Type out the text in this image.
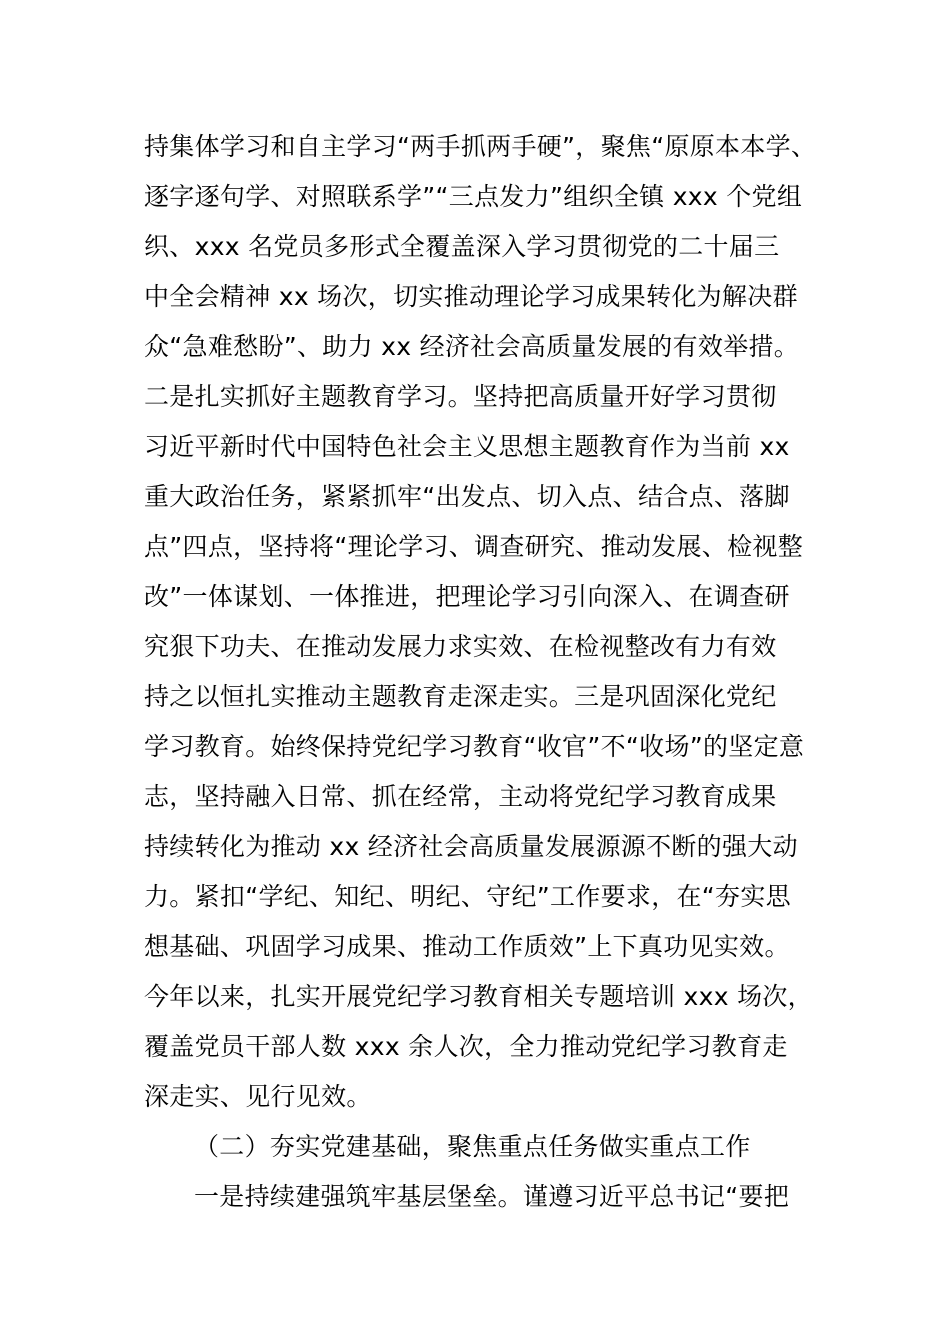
持集体学习和自主学习“两手抓两手硬”，聚焦“原原本本学、
逐字逐句学、对照联系学”“三点发力”组织全镇 xxx 个党组
织、xxx 名党员多形式全覆盖深入学习贯彻党的二十届三
中全会精神 xx 场次，切实推动理论学习成果转化为解决群
众“急难愁盼”、助力 xx 经济社会高质量发展的有效举措。
二是扎实抓好主题教育学习。坚持把高质量开好学习贯彻
习近平新时代中国特色社会主义思想主题教育作为当前 xx
重大政治任务，紧紧抓牢“出发点、切入点、结合点、落脚
点”四点，坚持将“理论学习、调查研究、推动发展、检视整
改”一体谋划、一体推进，把理论学习引向深入、在调查研
究狠下功夫、在推动发展力求实效、在检视整改有力有效
持之以恒扎实推动主题教育走深走实。三是巩固深化党纪
学习教育。始终保持党纪学习教育“收官”不“收场”的坚定意
志，坚持融入日常、抓在经常，主动将党纪学习教育成果
持续转化为推动 xx 经济社会高质量发展源源不断的强大动
力。紧扣“学纪、知纪、明纪、守纪”工作要求，在“夯实思
想基础、巩固学习成果、推动工作质效”上下真功见实效。
今年以来，扎实开展党纪学习教育相关专题培训 xxx 场次，
覆盖党员干部人数 xxx 余人次，全力推动党纪学习教育走
深走实、见行见效。
（二）夯实党建基础，聚焦重点任务做实重点工作
一是持续建强筑牢基层堡垒。谨遵习近平总书记“要把
